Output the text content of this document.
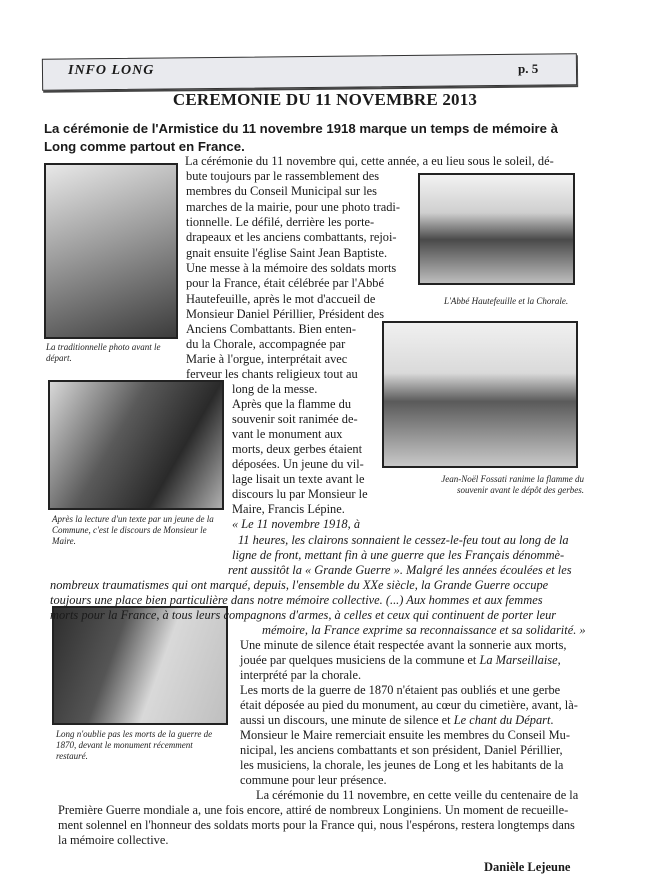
INFO LONG	p. 5
CEREMONIE DU 11 NOVEMBRE 2013
La cérémonie de l'Armistice du 11 novembre 1918 marque un temps de mémoire à Long comme partout en France.
La traditionnelle photo avant le départ.
L'Abbé Hautefeuille et la Chorale.
Jean-Noël Fossati ranime la flamme du souvenir avant le dépôt des gerbes.
Après la lecture d'un texte par un jeune de la Commune, c'est le discours de Monsieur le Maire.
Long n'oublie pas les morts de la guerre de 1870, devant le monument récemment restauré.
La cérémonie du 11 novembre qui, cette année, a eu lieu sous le soleil, dé-
bute toujours par le rassemblement des
membres du Conseil Municipal sur les
marches de la mairie, pour une photo tradi-
tionnelle. Le défilé, derrière les porte-
drapeaux et les anciens combattants, rejoi-
gnait ensuite l'église Saint Jean Baptiste.
Une messe à la mémoire des soldats morts
pour la France, était célébrée par l'Abbé
Hautefeuille, après le mot d'accueil de
Monsieur Daniel Périllier, Président des
Anciens Combattants. Bien enten-
du la Chorale, accompagnée par
Marie à l'orgue, interprétait avec
ferveur les chants religieux tout au
long de la messe.
Après que la flamme du
souvenir soit ranimée de-
vant le monument aux
morts, deux gerbes étaient
déposées. Un jeune du vil-
lage lisait un texte avant le
discours lu par Monsieur le
Maire, Francis Lépine.
« Le 11 novembre 1918, à
11 heures, les clairons sonnaient le cessez-le-feu tout au long de la
ligne de front, mettant fin à une guerre que les Français dénommè-
rent aussitôt la « Grande Guerre ». Malgré les années écoulées et les
nombreux traumatismes qui ont marqué, depuis, l'ensemble du XXe siècle, la Grande Guerre occupe
toujours une place bien particulière dans notre mémoire collective. (...) Aux hommes et aux femmes
morts pour la France, à tous leurs compagnons d'armes, à celles et ceux qui continuent de porter leur
mémoire, la France exprime sa reconnaissance et sa solidarité. »
Une minute de silence était respectée avant la sonnerie aux morts,
jouée par quelques musiciens de la commune et La Marseillaise,
interprété par la chorale.
Les morts de la guerre de 1870 n'étaient pas oubliés et une gerbe
était déposée au pied du monument, au cœur du cimetière, avant, là-
aussi un discours, une minute de silence et Le chant du Départ.
Monsieur le Maire remerciait ensuite les membres du Conseil Mu-
nicipal, les anciens combattants et son président, Daniel Périllier,
les musiciens, la chorale, les jeunes de Long et les habitants de la
commune pour leur présence.
La cérémonie du 11 novembre, en cette veille du centenaire de la
Première Guerre mondiale a, une fois encore, attiré de nombreux Longiniens. Un moment de recueille-
ment solennel en l'honneur des soldats morts pour la France qui, nous l'espérons, restera longtemps dans
la mémoire collective.
Danièle Lejeune
